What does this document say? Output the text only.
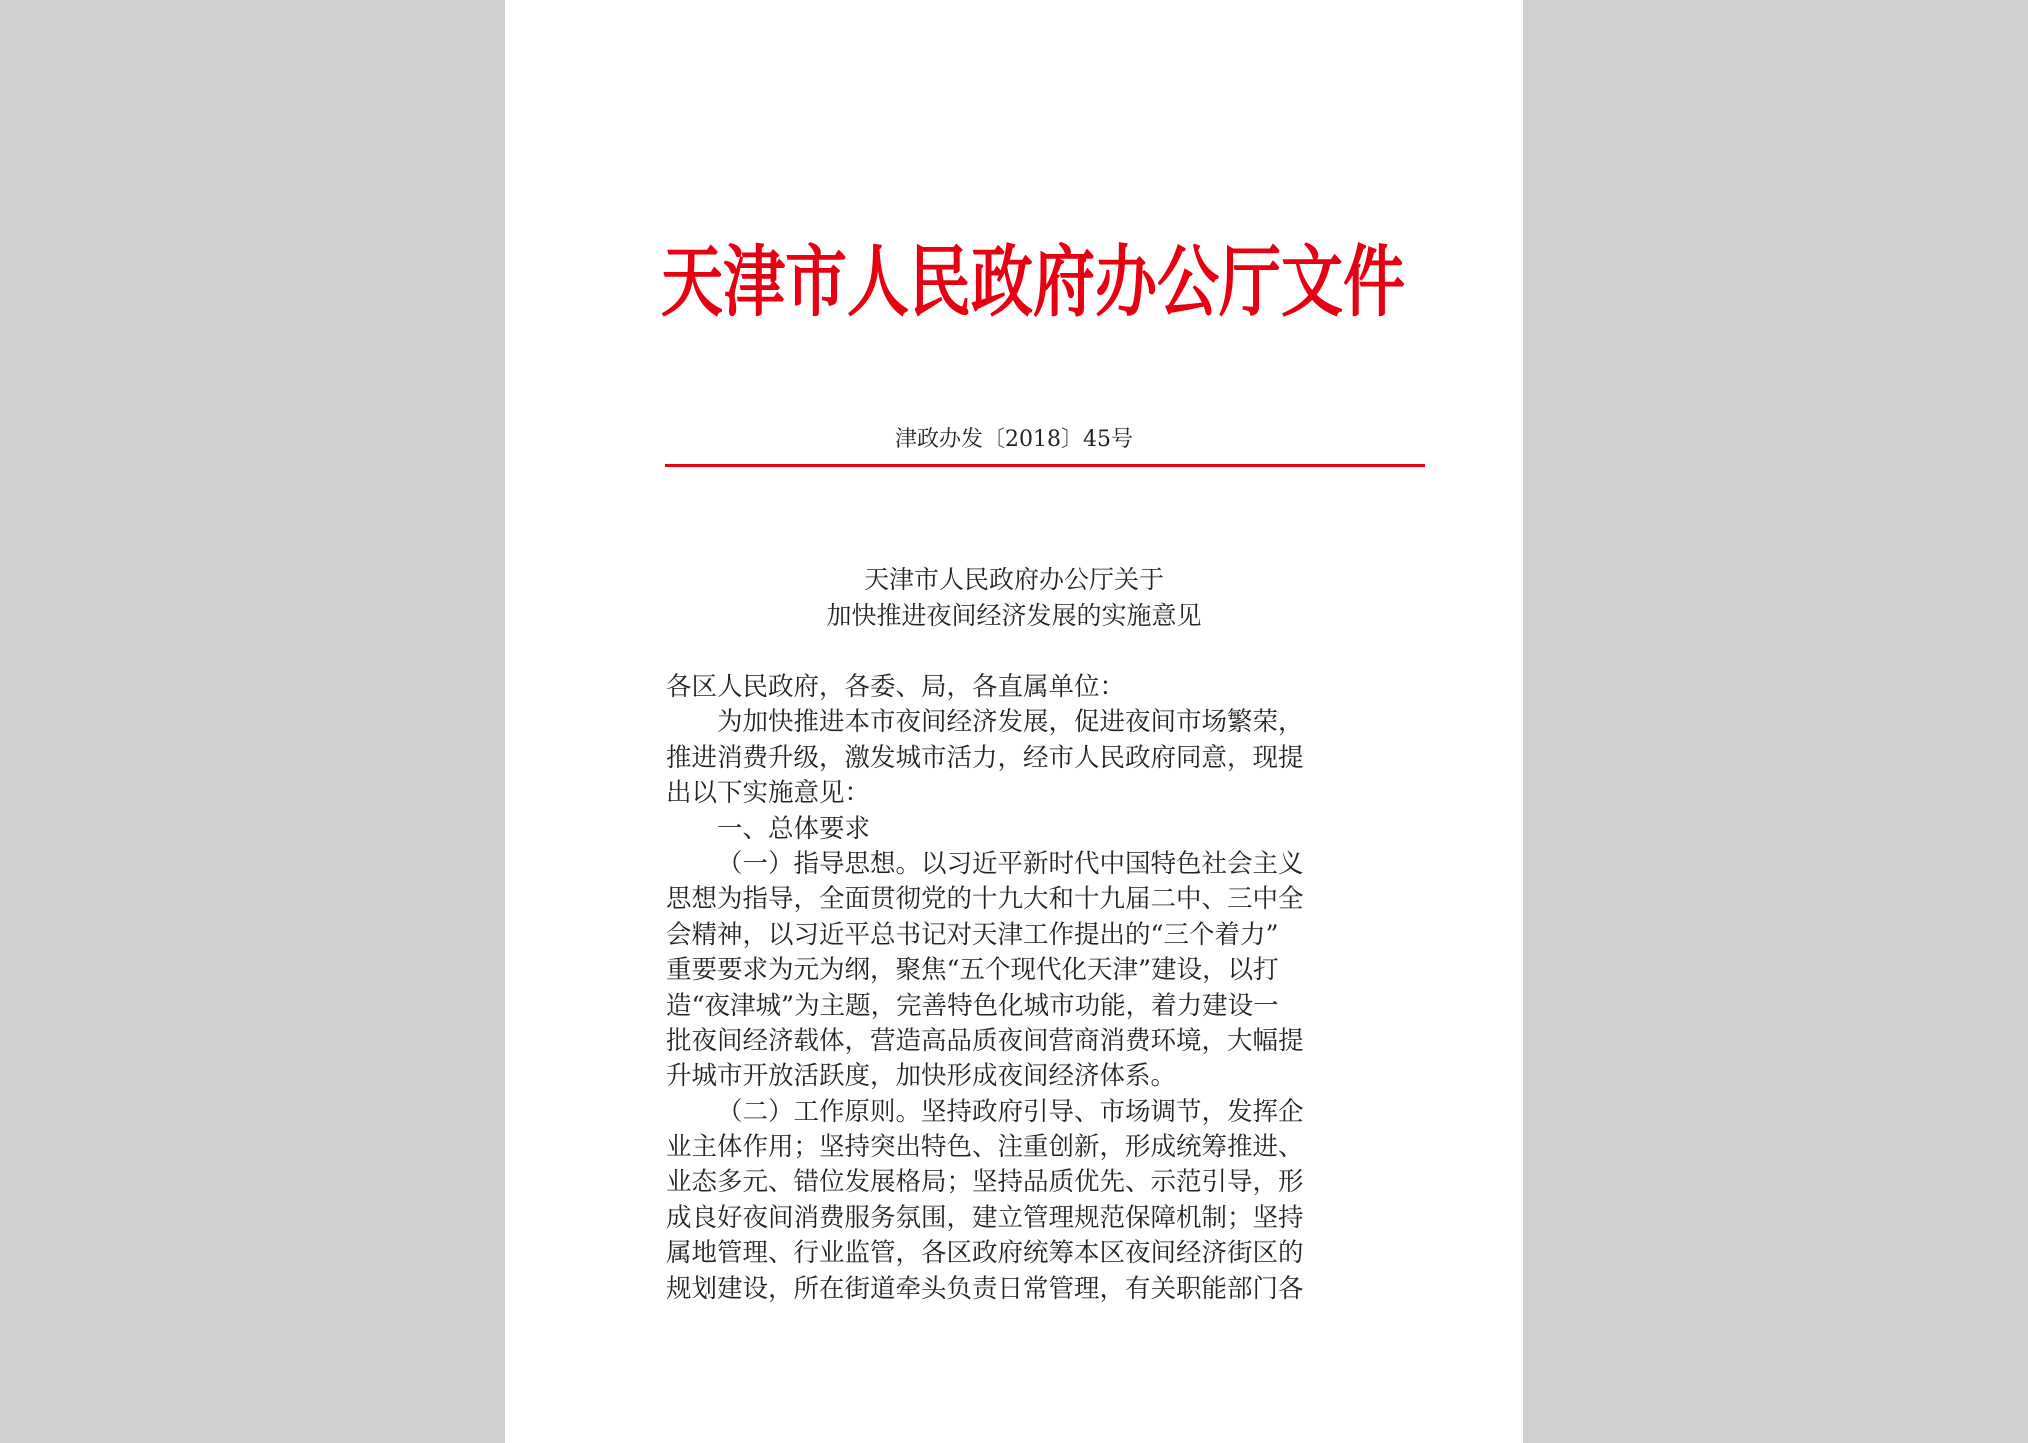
天津市人民政府办公厅文件
津政办发〔2018〕45号
天津市人民政府办公厅关于
加快推进夜间经济发展的实施意见
各区人民政府，各委、局，各直属单位：
为加快推进本市夜间经济发展，促进夜间市场繁荣，
推进消费升级，激发城市活力，经市人民政府同意，现提
出以下实施意见：
一、总体要求
（一）指导思想。以习近平新时代中国特色社会主义
思想为指导，全面贯彻党的十九大和十九届二中、三中全
会精神，以习近平总书记对天津工作提出的“三个着力”
重要要求为元为纲，聚焦“五个现代化天津”建设，以打
造“夜津城”为主题，完善特色化城市功能，着力建设一
批夜间经济载体，营造高品质夜间营商消费环境，大幅提
升城市开放活跃度，加快形成夜间经济体系。
（二）工作原则。坚持政府引导、市场调节，发挥企
业主体作用；坚持突出特色、注重创新，形成统筹推进、
业态多元、错位发展格局；坚持品质优先、示范引导，形
成良好夜间消费服务氛围，建立管理规范保障机制；坚持
属地管理、行业监管，各区政府统筹本区夜间经济街区的
规划建设，所在街道牵头负责日常管理，有关职能部门各
